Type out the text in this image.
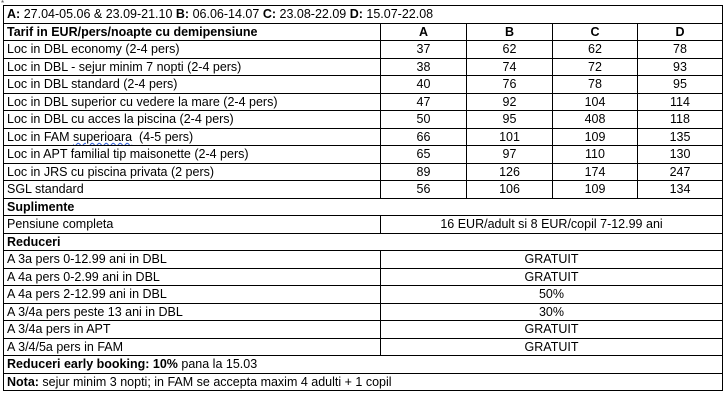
*
A: 27.04-05.06 & 23.09-21.10 B: 06.06-14.07 C: 23.08-22.09 D: 15.07-22.08				
Tarif in EUR/pers/noapte cu demipensiune	A	B	C	D
Loc in DBL economy (2-4 pers)	37	62	62	78
Loc in DBL - sejur minim 7 nopti (2-4 pers)	38	74	72	93
Loc in DBL standard (2-4 pers)	40	76	78	95
Loc in DBL superior cu vedere la mare (2-4 pers)	47	92	104	114
Loc in DBL cu acces la piscina (2-4 pers)	50	95	408	118
Loc in FAM superioara  (4-5 pers)	66	101	109	135
Loc in APT familial tip maisonette (2-4 pers)	65	97	110	130
Loc in JRS cu piscina privata (2 pers)	89	126	174	247
SGL standard	56	106	109	134
Suplimente				
Pensiune completa	16 EUR/adult si 8 EUR/copil 7-12.99 ani			
Reduceri				
A 3a pers 0-12.99 ani in DBL	GRATUIT			
A 4a pers 0-2.99 ani in DBL	GRATUIT			
A 4a pers 2-12.99 ani in DBL	50%			
A 3/4a pers peste 13 ani in DBL	30%			
A 3/4a pers in APT	GRATUIT			
A 3/4/5a pers in FAM	GRATUIT			
Reduceri early booking: 10% pana la 15.03				
Nota: sejur minim 3 nopti; in FAM se accepta maxim 4 adulti + 1 copil				
